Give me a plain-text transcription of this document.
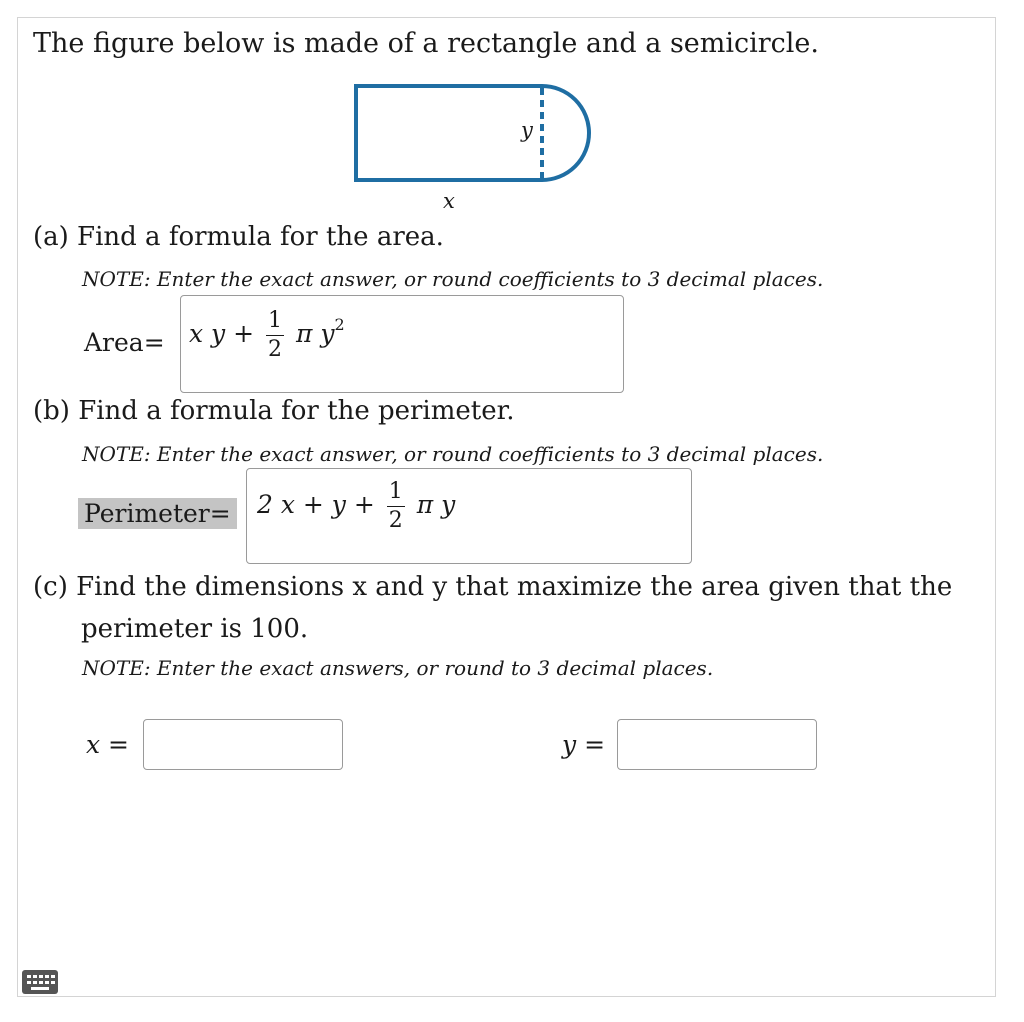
The figure below is made of a rectangle and a semicircle.
y
x
(a) Find a formula for the area.
NOTE: Enter the exact answer, or round coefficients to 3 decimal places.
Area= x $y + \frac{1}{2}$ π $y^2$
(b) Find a formula for the perimeter.
NOTE: Enter the exact answer, or round coefficients to 3 decimal places.
Perimeter= 2 $x + y + \frac{1}{2}$ π y
(c) Find the dimensions x and y that maximize the area given that the
perimeter is 100.
NOTE: Enter the exact answers, or round to 3 decimal places.
x =	y =
